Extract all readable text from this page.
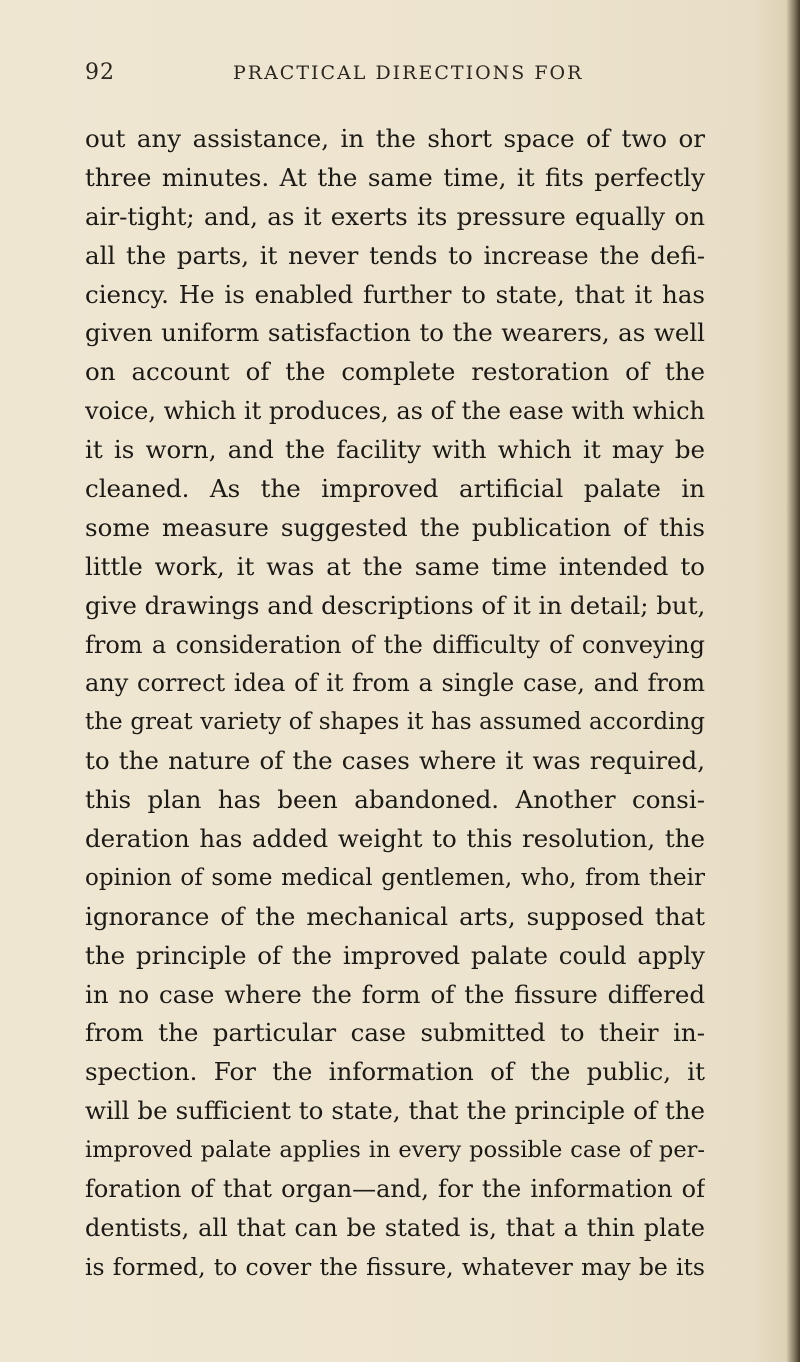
92	PRACTICAL DIRECTIONS FOR
out any assistance, in the short space of two or
three minutes. At the same time, it fits perfectly
air-tight; and, as it exerts its pressure equally on
all the parts, it never tends to increase the defi-
ciency. He is enabled further to state, that it has
given uniform satisfaction to the wearers, as well
on account of the complete restoration of the
voice, which it produces, as of the ease with which
it is worn, and the facility with which it may be
cleaned. As the improved artificial palate in
some measure suggested the publication of this
little work, it was at the same time intended to
give drawings and descriptions of it in detail; but,
from a consideration of the difficulty of conveying
any correct idea of it from a single case, and from
the great variety of shapes it has assumed according
to the nature of the cases where it was required,
this plan has been abandoned. Another consi-
deration has added weight to this resolution, the
opinion of some medical gentlemen, who, from their
ignorance of the mechanical arts, supposed that
the principle of the improved palate could apply
in no case where the form of the fissure differed
from the particular case submitted to their in-
spection. For the information of the public, it
will be sufficient to state, that the principle of the
improved palate applies in every possible case of per-
foration of that organ—and, for the information of
dentists, all that can be stated is, that a thin plate
is formed, to cover the fissure, whatever may be its
